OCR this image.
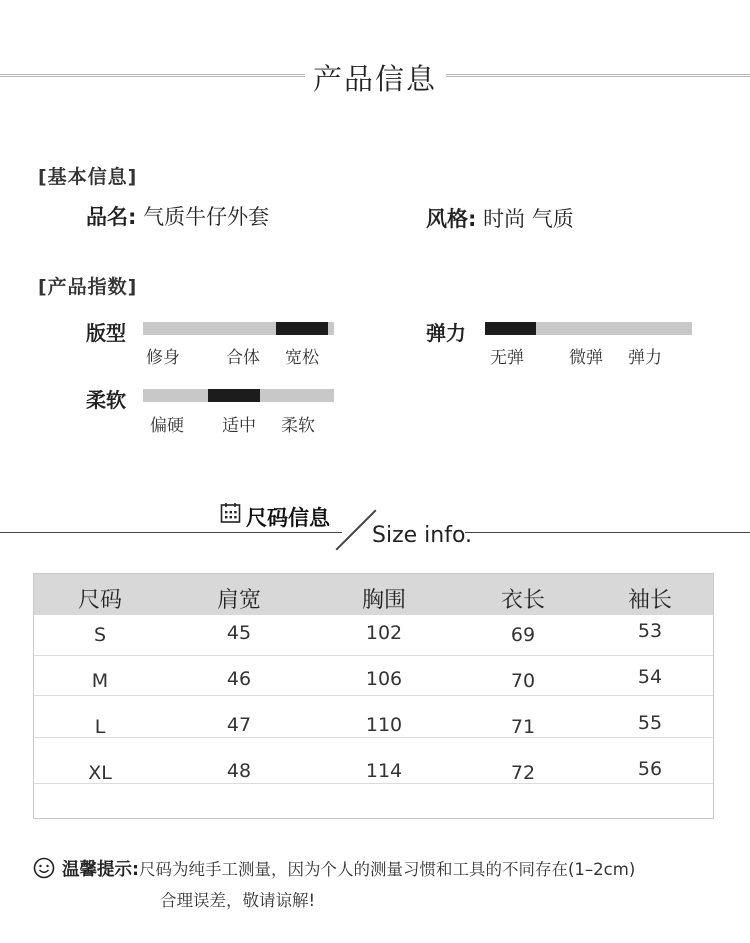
产品信息
[基本信息]
品名: 气质牛仔外套	风格: 时尚 气质
[产品指数]
版型
修身	合体 宽松
弹力
无弹	微弹 弹力
柔软
偏硬 适中 柔软
尺码信息
Size info.
尺码	肩宽	胸围	衣长	袖长
S	45	102	69	53
M	46	106	70	54
L	47	110	71	55
XL	48	114	72	56
温馨提示:尺码为纯手工测量，因为个人的测量习惯和工具的不同存在(1–2cm)
合理误差，敬请谅解!
